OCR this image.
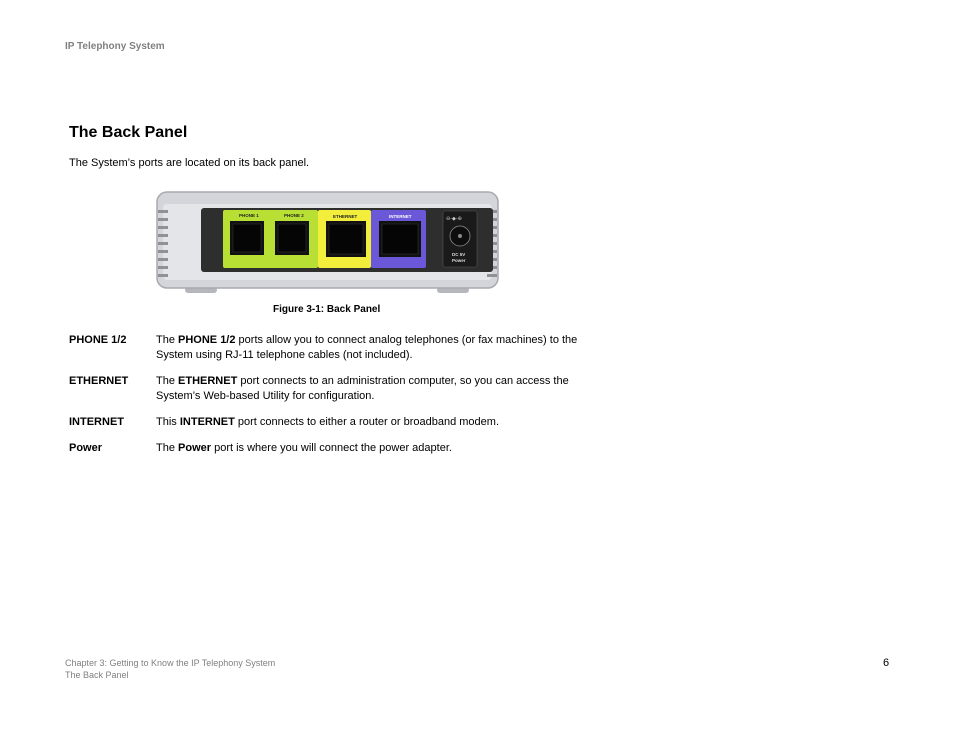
IP Telephony System
The Back Panel
The System’s ports are located on its back panel.
PHONE 1	PHONE 2	ETHERNET	INTERNET	⊖-◆-⊕
DC 5V
Power
Figure 3-1: Back Panel
PHONE 1/2	The PHONE 1/2 ports allow you to connect analog telephones (or fax machines) to the System using RJ-11 telephone cables (not included).
ETHERNET	The ETHERNET port connects to an administration computer, so you can access the System’s Web-based Utility for configuration.
INTERNET	This INTERNET port connects to either a router or broadband modem.
Power	The Power port is where you will connect the power adapter.
Chapter 3: Getting to Know the IP Telephony System
The Back Panel
6
